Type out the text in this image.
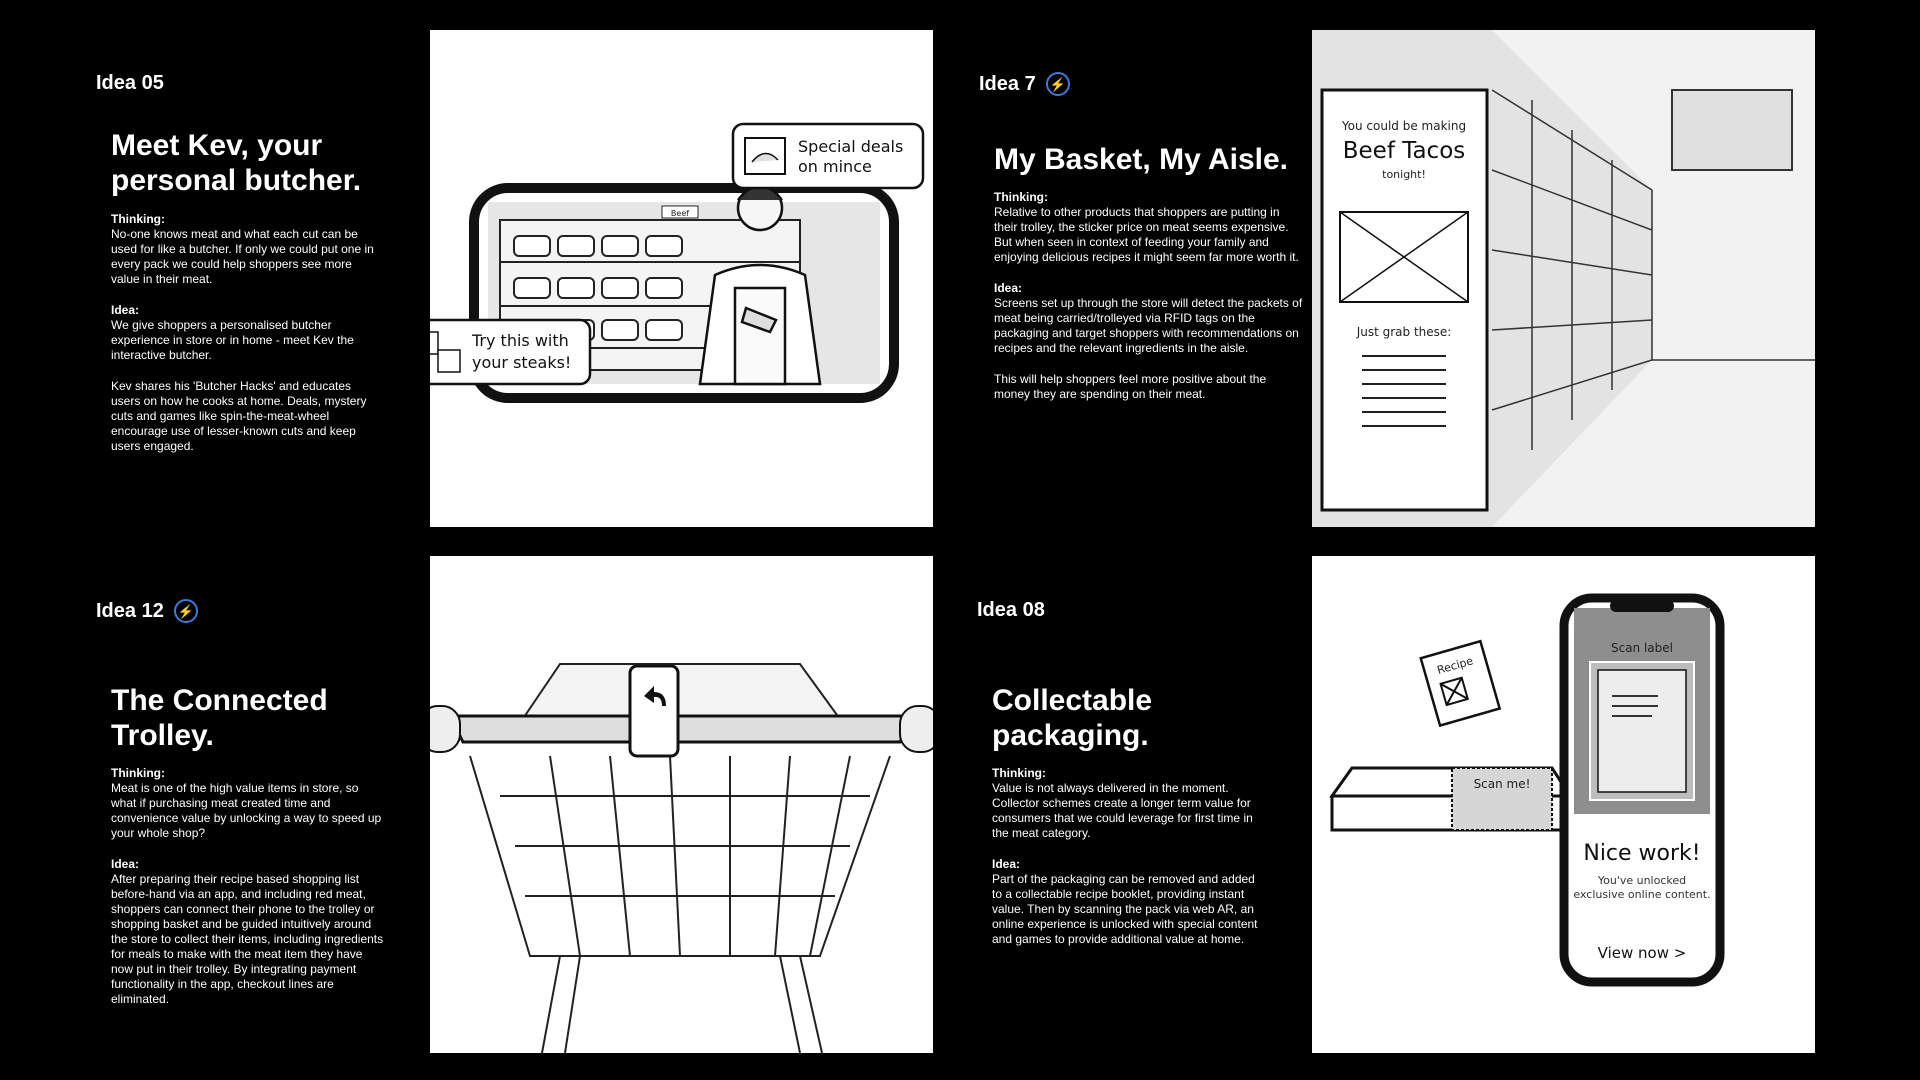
Idea 05
Meet Kev, your
personal butcher.
Thinking:

No-one knows meat and what each cut can be used for like a butcher. If only we could put one in every pack we could help shoppers see more value in their meat.

Idea:

We give shoppers a personalised butcher experience in store or in home - meet Kev the interactive butcher.

Kev shares his 'Butcher Hacks' and educates users on how he cooks at home. Deals, mystery cuts and games like spin-the-meat-wheel encourage use of lesser-known cuts and keep users engaged.

Beef
Special deals
on mince
Try this with
your steaks!
Idea 7	⚡
My Basket, My Aisle.
Thinking:

Relative to other products that shoppers are putting in their trolley, the sticker price on meat seems expensive. But when seen in context of feeding your family and enjoying delicious recipes it might seem far more worth it.

Idea:

Screens set up through the store will detect the packets of meat being carried/trolleyed via RFID tags on the packaging and target shoppers with recommendations on recipes and the relevant ingredients in the aisle.

This will help shoppers feel more positive about the money they are spending on their meat.

You could be making
Beef Tacos
tonight!
Just grab these:
Idea 12	⚡
The Connected
Trolley.
Thinking:

Meat is one of the high value items in store, so what if purchasing meat created time and convenience value by unlocking a way to speed up your whole shop?

Idea:

After preparing their recipe based shopping list before-hand via an app, and including red meat, shoppers can connect their phone to the trolley or shopping basket and be guided intuitively around the store to collect their items, including ingredients for meals to make with the meat item they have now put in their trolley. By integrating payment functionality in the app, checkout lines are eliminated.

Idea 08
Collectable
packaging.
Thinking:

Value is not always delivered in the moment. Collector schemes create a longer term value for consumers that we could leverage for first time in the meat category.

Idea:

Part of the packaging can be removed and added to a collectable recipe booklet, providing instant value. Then by scanning the pack via web AR, an online experience is unlocked with special content and games to provide additional value at home.

Scan me!
Recipe
Scan label
Nice work!
You've unlocked
exclusive online content.
View now >
